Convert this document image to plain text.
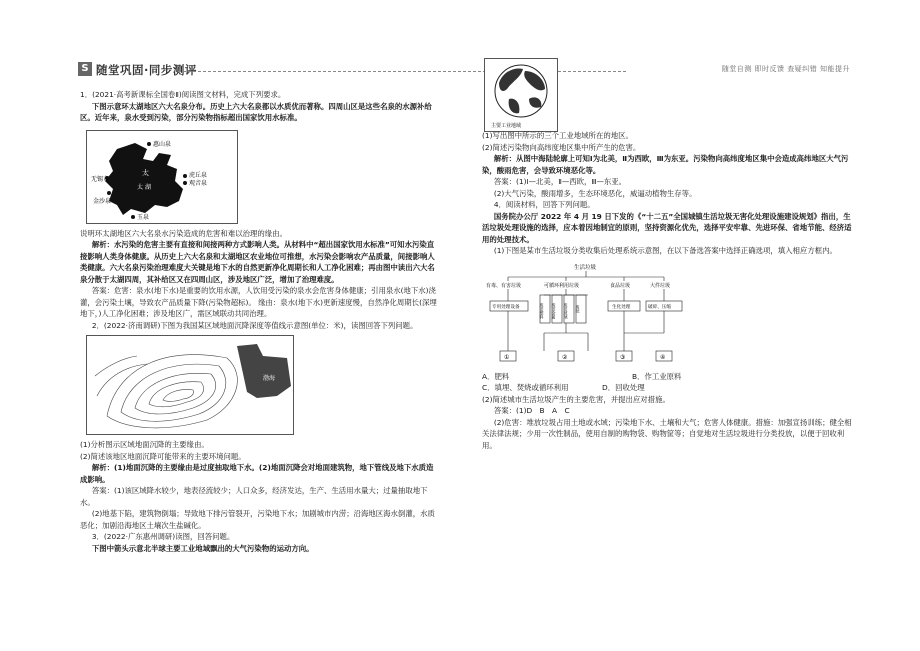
S 随堂巩固·同步测评	随堂自测 即时反馈 查疑纠错 知能提升

1．(2021·高考新课标全国卷Ⅱ)阅读图文材料，完成下列要求。

下图示意环太湖地区六大名泉分布。历史上六大名泉都以水质优而著称。四周山区是这些名泉的水源补给区。近年来，泉水受到污染，部分污染物指标超出国家饮用水标准。

惠山泉
太
无锡市
虎丘泉
观音泉
太 湖
金沙泉
玉泉

说明环太湖地区六大名泉水污染造成的危害和难以治理的缘由。

解析：水污染的危害主要有直接和间接两种方式影响人类。从材料中“超出国家饮用水标准”可知水污染直接影响人类身体健康。从历史上六大名泉和太湖地区农业地位可推想，水污染会影响农产品质量，间接影响人类健康。六大名泉污染治理难度大关键是地下水的自然更新净化周期长和人工净化困难；再由图中读出六大名泉分散于太湖四周，其补给区又在四周山区，涉及地区广泛，增加了治理难度。

答案：危害：泉水(地下水)是重要的饮用水源，人饮用受污染的泉水会危害身体健康；引用泉水(地下水)浇灌，会污染土壤，导致农产品质量下降(污染物超标)。 缘由：泉水(地下水)更新速度慢，自然净化周期长(深埋地下，)人工净化困难；涉及地区广，需区域联动共同治理。

2．(2022·济南调研)下图为我国某区域地面沉降深度等值线示意图(单位：米)，读图回答下列问题。

渤海

(1)分析图示区域地面沉降的主要缘由。

(2)简述该地区地面沉降可能带来的主要环境问题。

解析：(1)地面沉降的主要缘由是过度抽取地下水。(2)地面沉降会对地面建筑物，地下管线及地下水质造成影响。

答案：(1)该区域降水较少，地表径流较少；人口众多，经济发达，生产、生活用水量大；过量抽取地下水。

(2)地基下陷，建筑物倒塌；导致地下排污管裂开，污染地下水；加剧城市内涝；沿海地区海水倒灌，水质恶化；加剧沿海地区土壤次生盐碱化。

3．(2022·广东惠州调研)读图，回答问题。

下图中箭头示意北半球主要工业地域飘出的大气污染物的运动方向。

主要工业地域

(1)写出图中所示的三个工业地域所在的地区。

(2)简述污染物向高纬度地区集中所产生的危害。

解析：从图中海陆轮廓上可知Ⅰ为北美，Ⅱ为西欧，Ⅲ为东亚。污染物向高纬度地区集中会造成高纬地区大气污染，酸雨危害，会导致环境恶化等。

答案：(1)Ⅰ—北美，Ⅱ—西欧，Ⅲ—东亚。

(2)大气污染，酸雨增多，生态环境恶化，威逼动植物生存等。

4．阅读材料，回答下列问题。

国务院办公厅 2022 年 4 月 19 日下发的《“十二五”全国城镇生活垃圾无害化处理设施建设规划》指出，生活垃圾处理设施的选择，应本着因地制宜的原则，坚持资源化优先，选择平安牢靠、先进环保、省地节能、经济适用的处理技术。

(1)下图是某市生活垃圾分类收集后处理系统示意图，在以下备选答案中选择正确选项，填入相应方框内。

生活垃圾
有毒、有害垃圾	可循环利用垃圾	食品垃圾	大件垃圾
专用处理设备	废旧塑料 废旧金属 废旧玻璃 废纸	生化处理	破碎、压缩
①	②	③	④

A．肥料	B．作工业原料

C．填埋、焚烧或循环利用	D．回收处理

(2)简述城市生活垃圾产生的主要危害，并提出应对措施。

答案：(1)D　B　A　C

(2)危害：堆放垃圾占用土地或水域；污染地下水、土壤和大气；危害人体健康。措施：加强宣扬训练；健全相关法律法规；少用一次性制品，使用自制的购物袋、购物筐等；自觉地对生活垃圾进行分类投放，以便于回收利用。
